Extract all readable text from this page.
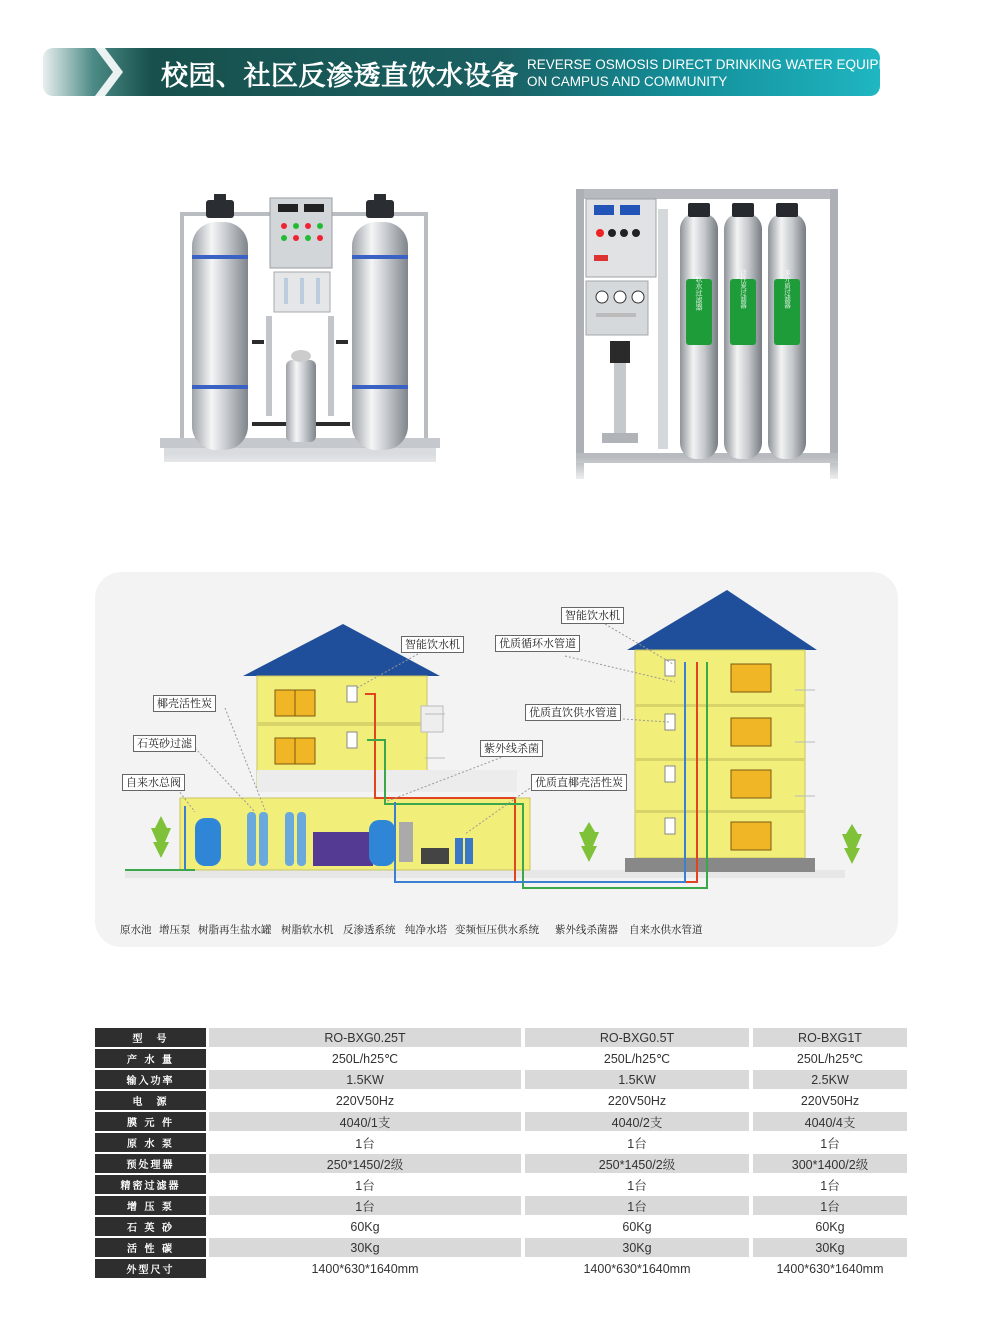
校园、社区反渗透直饮水设备 REVERSE OSMOSIS DIRECT DRINKING WATER EQUIPMENT
ON CAMPUS AND COMMUNITY
软水过滤器	活性炭过滤器	多介质过滤器
智能饮水机
智能饮水机
优质循环水管道
优质直饮供水管道
紫外线杀菌
优质直椰壳活性炭
椰壳活性炭
石英砂过滤
自来水总阀
原水池 增压泵 树脂再生盐水罐 树脂软水机 反渗透系统 纯净水塔 变频恒压供水系统 紫外线杀菌器 自来水供水管道
型　号	RO-BXG0.25T	RO-BXG0.5T	RO-BXG1T
产 水 量	250L/h25℃	250L/h25℃	250L/h25℃
输入功率	1.5KW	1.5KW	2.5KW
电　源	220V50Hz	220V50Hz	220V50Hz
膜 元 件	4040/1支	4040/2支	4040/4支
原 水 泵	1台	1台	1台
预处理器	250*1450/2级	250*1450/2级	300*1400/2级
精密过滤器	1台	1台	1台
增 压 泵	1台	1台	1台
石 英 砂	60Kg	60Kg	60Kg
活 性 碳	30Kg	30Kg	30Kg
外型尺寸	1400*630*1640mm	1400*630*1640mm	1400*630*1640mm
